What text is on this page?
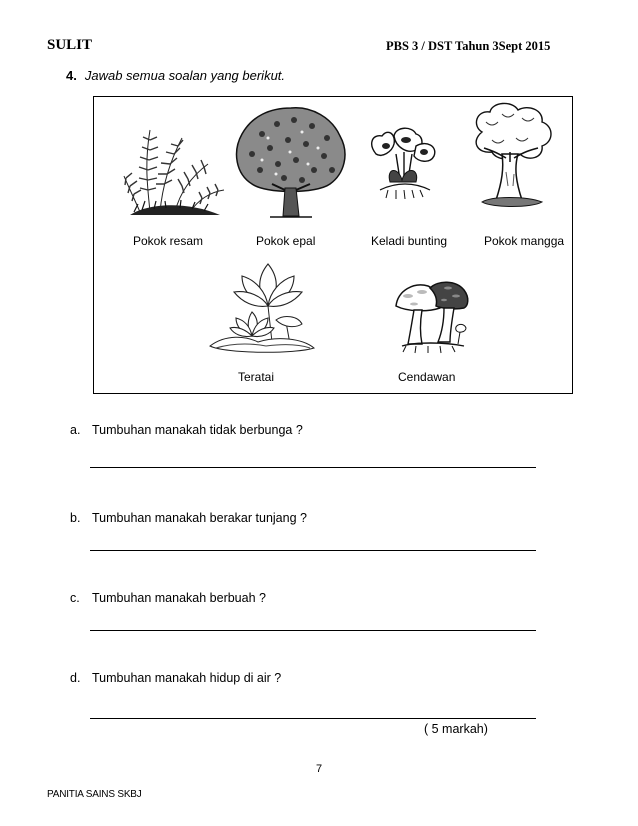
SULIT	PBS 3 / DST Tahun 3Sept 2015
4. Jawab semua soalan yang berikut.
Pokok resam	Pokok epal	Keladi bunting	Pokok mangga
Teratai	Cendawan
a. Tumbuhan manakah tidak berbunga ?
b. Tumbuhan manakah berakar tunjang ?
c. Tumbuhan manakah berbuah ?
d. Tumbuhan manakah hidup di air ?
( 5 markah)
7
PANITIA SAINS SKBJ
